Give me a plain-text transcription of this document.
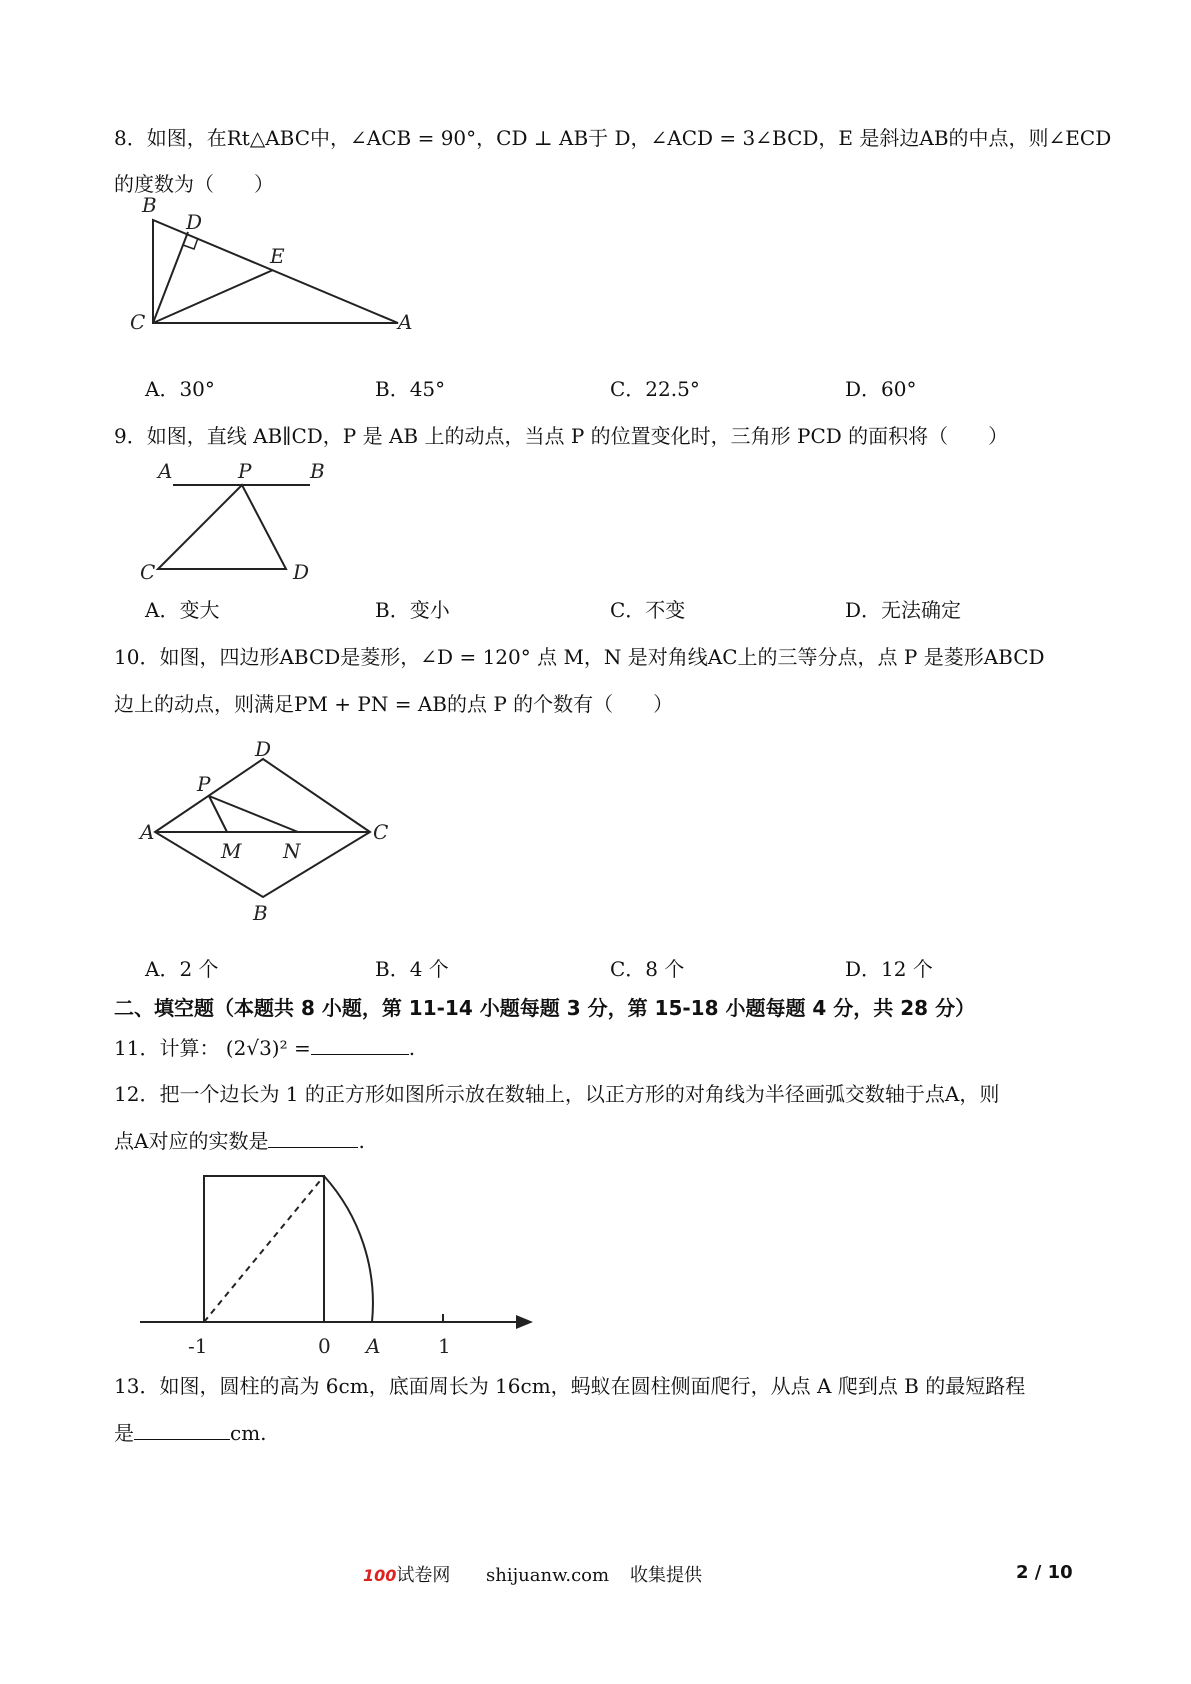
8．如图，在Rt△ABC中，∠ACB = 90°，CD ⊥ AB于 D，∠ACD = 3∠BCD，E 是斜边AB的中点，则∠ECD
的度数为（　　）
B
D
E
C	A
A．30°	B．45°	C．22.5°	D．60°
9．如图，直线 AB∥CD，P 是 AB 上的动点，当点 P 的位置变化时，三角形 PCD 的面积将（　　）
A	P	B
C	D
A．变大	B．变小	C．不变	D．无法确定
10．如图，四边形ABCD是菱形，∠D = 120° 点 M，N 是对角线AC上的三等分点，点 P 是菱形ABCD
边上的动点，则满足PM + PN = AB的点 P 的个数有（　　）
D
P
A
M N
C
B
A．2 个	B．4 个	C．8 个	D．12 个
二、填空题（本题共 8 小题，第 11-14 小题每题 3 分，第 15-18 小题每题 4 分，共 28 分）
11．计算： (2√3)² =	.
12．把一个边长为 1 的正方形如图所示放在数轴上，以正方形的对角线为半径画弧交数轴于点A，则
点A对应的实数是	.
-1	0 A	1
13．如图，圆柱的高为 6cm，底面周长为 16cm，蚂蚁在圆柱侧面爬行，从点 A 爬到点 B 的最短路程
是	cm.
100试卷网 shijuanw.com 收集提供	2 / 10
